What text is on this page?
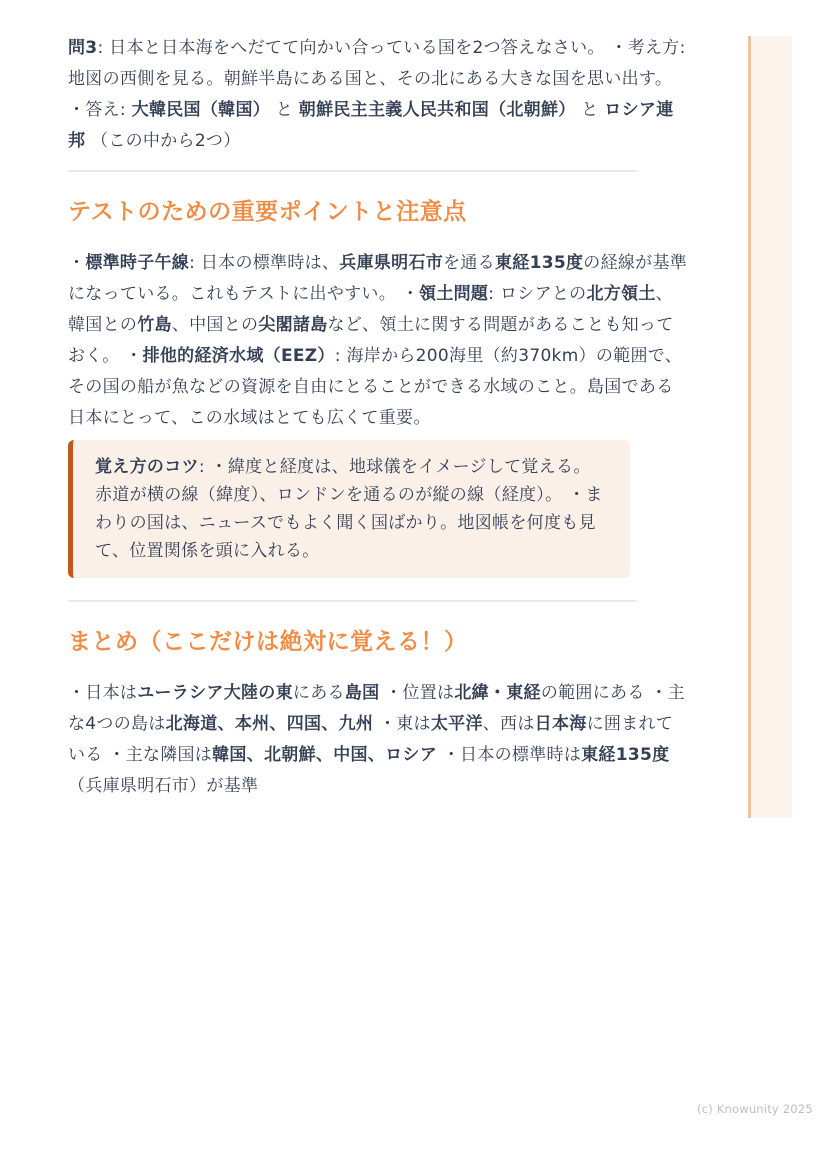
問3: 日本と日本海をへだてて向かい合っている国を2つ答えなさい。 ・考え方: 地図の西側を見る。朝鮮半島にある国と、その北にある大きな国を思い出す。 ・答え: 大韓民国（韓国） と 朝鮮民主主義人民共和国（北朝鮮） と ロシア連邦 （この中から2つ）

テストのための重要ポイントと注意点

・標準時子午線: 日本の標準時は、兵庫県明石市を通る東経135度の経線が基準になっている。これもテストに出やすい。 ・領土問題: ロシアとの北方領土、韓国との竹島、中国との尖閣諸島など、領土に関する問題があることも知っておく。 ・排他的経済水域（EEZ）: 海岸から200海里（約370km）の範囲で、その国の船が魚などの資源を自由にとることができる水域のこと。島国である日本にとって、この水域はとても広くて重要。

覚え方のコツ: ・緯度と経度は、地球儀をイメージして覚える。赤道が横の線（緯度）、ロンドンを通るのが縦の線（経度）。 ・まわりの国は、ニュースでもよく聞く国ばかり。地図帳を何度も見て、位置関係を頭に入れる。

まとめ（ここだけは絶対に覚える！）

・日本はユーラシア大陸の東にある島国 ・位置は北緯・東経の範囲にある ・主な4つの島は北海道、本州、四国、九州 ・東は太平洋、西は日本海に囲まれている ・主な隣国は韓国、北朝鮮、中国、ロシア ・日本の標準時は東経135度（兵庫県明石市）が基準

(c) Knowunity 2025
